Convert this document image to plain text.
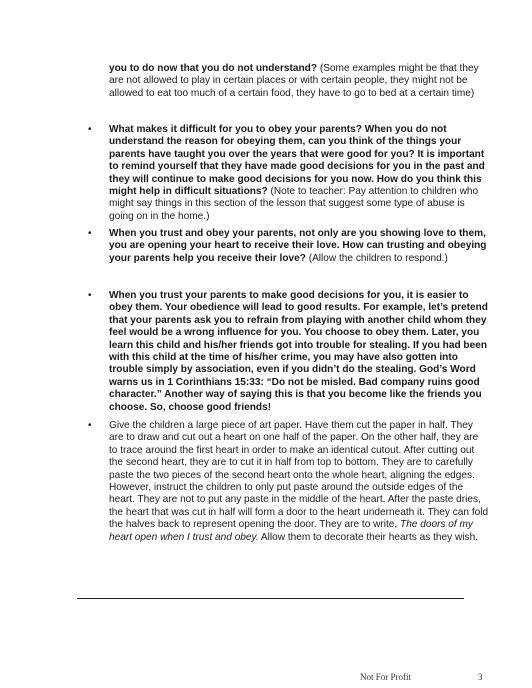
you to do now that you do not understand? (Some examples might be that they are not allowed to play in certain places or with certain people, they might not be allowed to eat too much of a certain food, they have to go to bed at a certain time)
• What makes it difficult for you to obey your parents? When you do not understand the reason for obeying them, can you think of the things your parents have taught you over the years that were good for you? It is important to remind yourself that they have made good decisions for you in the past and they will continue to make good decisions for you now. How do you think this might help in difficult situations? (Note to teacher: Pay attention to children who might say things in this section of the lesson that suggest some type of abuse is going on in the home.)
• When you trust and obey your parents, not only are you showing love to them, you are opening your heart to receive their love. How can trusting and obeying your parents help you receive their love? (Allow the children to respond.)
• When you trust your parents to make good decisions for you, it is easier to obey them. Your obedience will lead to good results. For example, let’s pretend that your parents ask you to refrain from playing with another child whom they feel would be a wrong influence for you. You choose to obey them. Later, you learn this child and his/her friends got into trouble for stealing. If you had been with this child at the time of his/her crime, you may have also gotten into trouble simply by association, even if you didn’t do the stealing. God’s Word warns us in 1 Corinthians 15:33: “Do not be misled. Bad company ruins good character.” Another way of saying this is that you become like the friends you choose. So, choose good friends!
• Give the children a large piece of art paper. Have them cut the paper in half. They are to draw and cut out a heart on one half of the paper. On the other half, they are to trace around the first heart in order to make an identical cutout. After cutting out the second heart, they are to cut it in half from top to bottom. They are to carefully paste the two pieces of the second heart onto the whole heart, aligning the edges. However, instruct the children to only put paste around the outside edges of the heart. They are not to put any paste in the middle of the heart. After the paste dries, the heart that was cut in half will form a door to the heart underneath it. They can fold the halves back to represent opening the door. They are to write, The doors of my heart open when I trust and obey. Allow them to decorate their hearts as they wish.
Not For Profit	3
